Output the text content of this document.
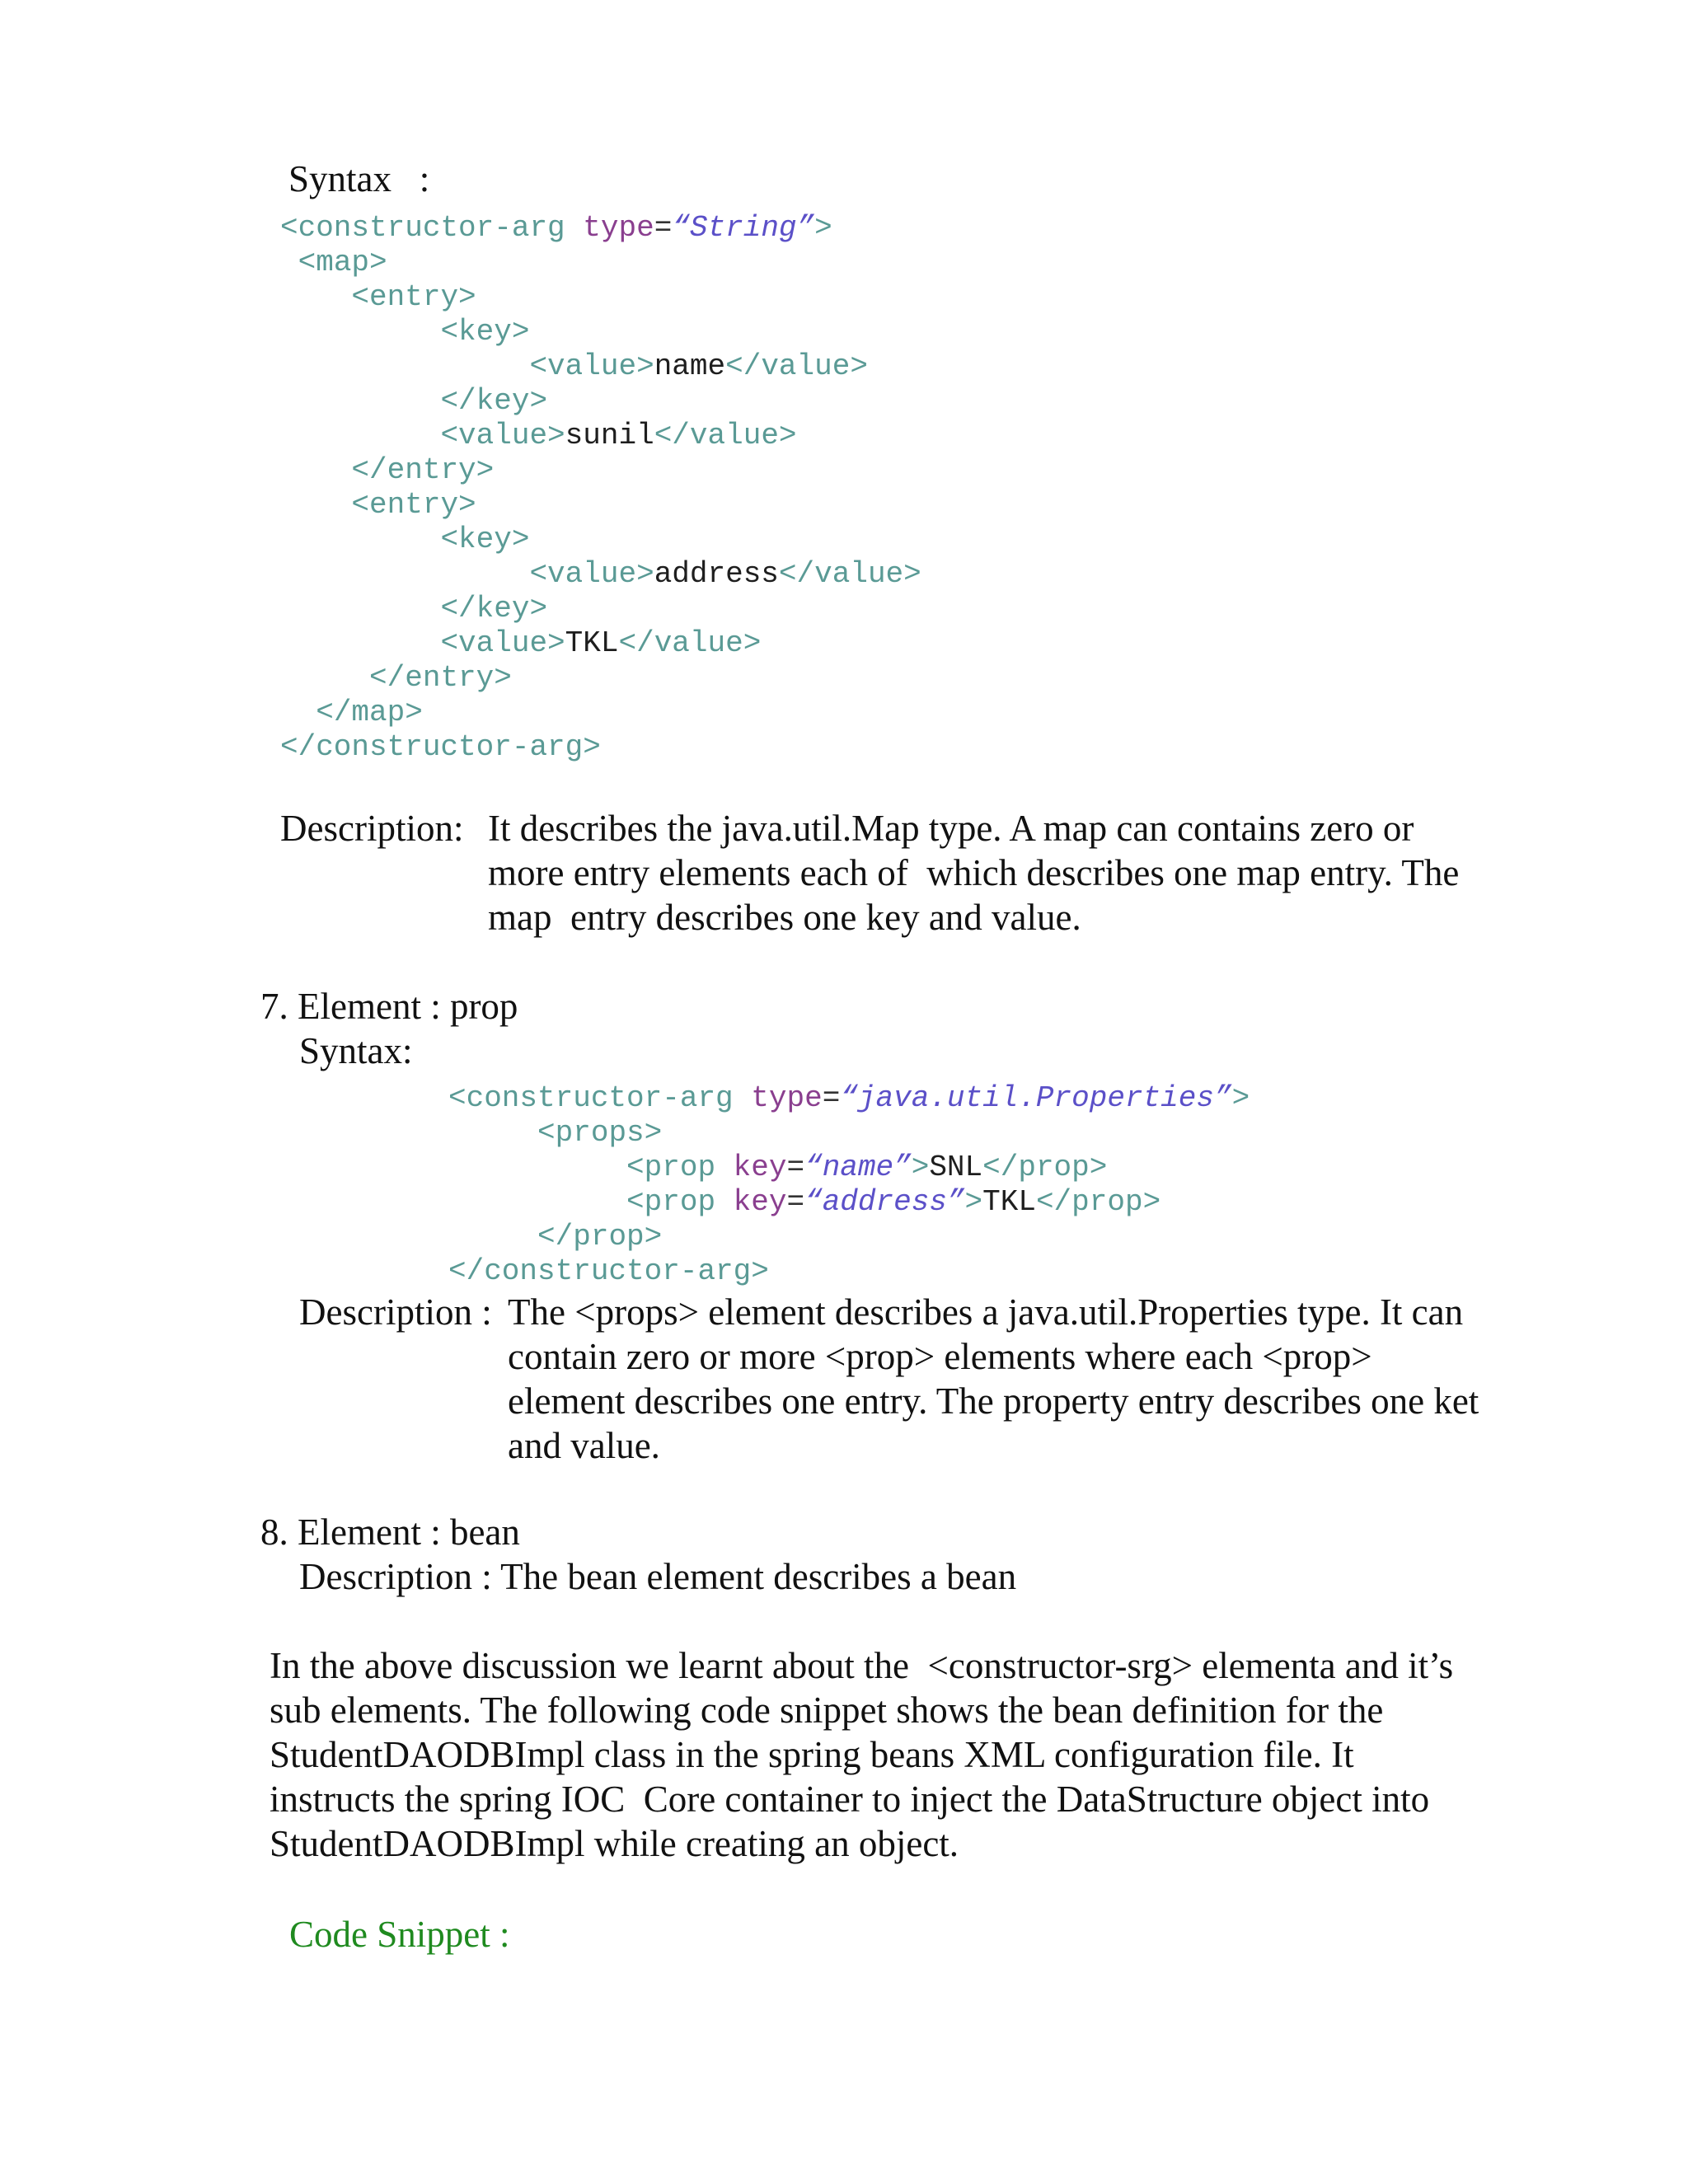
Syntax   :
<constructor-arg type=“String”>
<map>
<entry>
<key>
<value>name</value>
</key>
<value>sunil</value>
</entry>
<entry>
<key>
<value>address</value>
</key>
<value>TKL</value>
</entry>
</map>
</constructor-arg>
Description: It describes the java.util.Map type. A map can contains zero or
more entry elements each of  which describes one map entry. The
map  entry describes one key and value.
7. Element : prop
Syntax:
<constructor-arg type=“java.util.Properties”>
<props>
<prop key=“name”>SNL</prop>
<prop key=“address”>TKL</prop>
</prop>
</constructor-arg>
Description : The <props> element describes a java.util.Properties type. It can
contain zero or more <prop> elements where each <prop>
element describes one entry. The property entry describes one ket
and value.
8. Element : bean
Description : The bean element describes a bean
In the above discussion we learnt about the  <constructor-srg> elementa and it’s
sub elements. The following code snippet shows the bean definition for the
StudentDAODBImpl class in the spring beans XML configuration file. It
instructs the spring IOC  Core container to inject the DataStructure object into
StudentDAODBImpl while creating an object.
Code Snippet :
